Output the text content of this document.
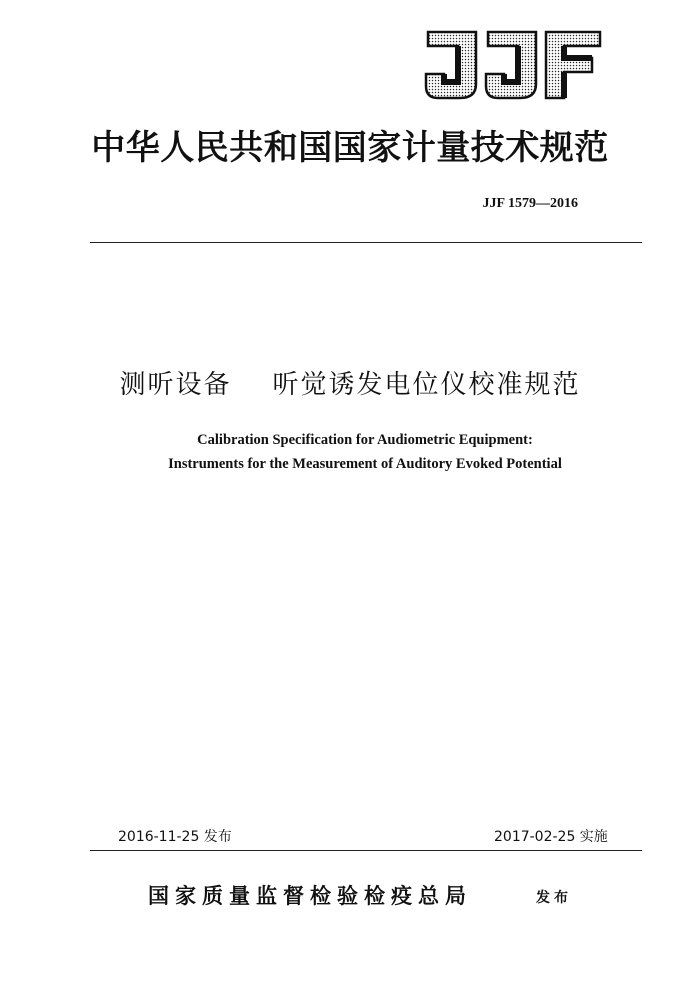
中华人民共和国国家计量技术规范
JJF 1579—2016
测听设备    听觉诱发电位仪校准规范
Calibration Specification for Audiometric Equipment:
Instruments for the Measurement of Auditory Evoked Potential
2016-11-25 发布	2017-02-25 实施
国家质量监督检验检疫总局	发布
